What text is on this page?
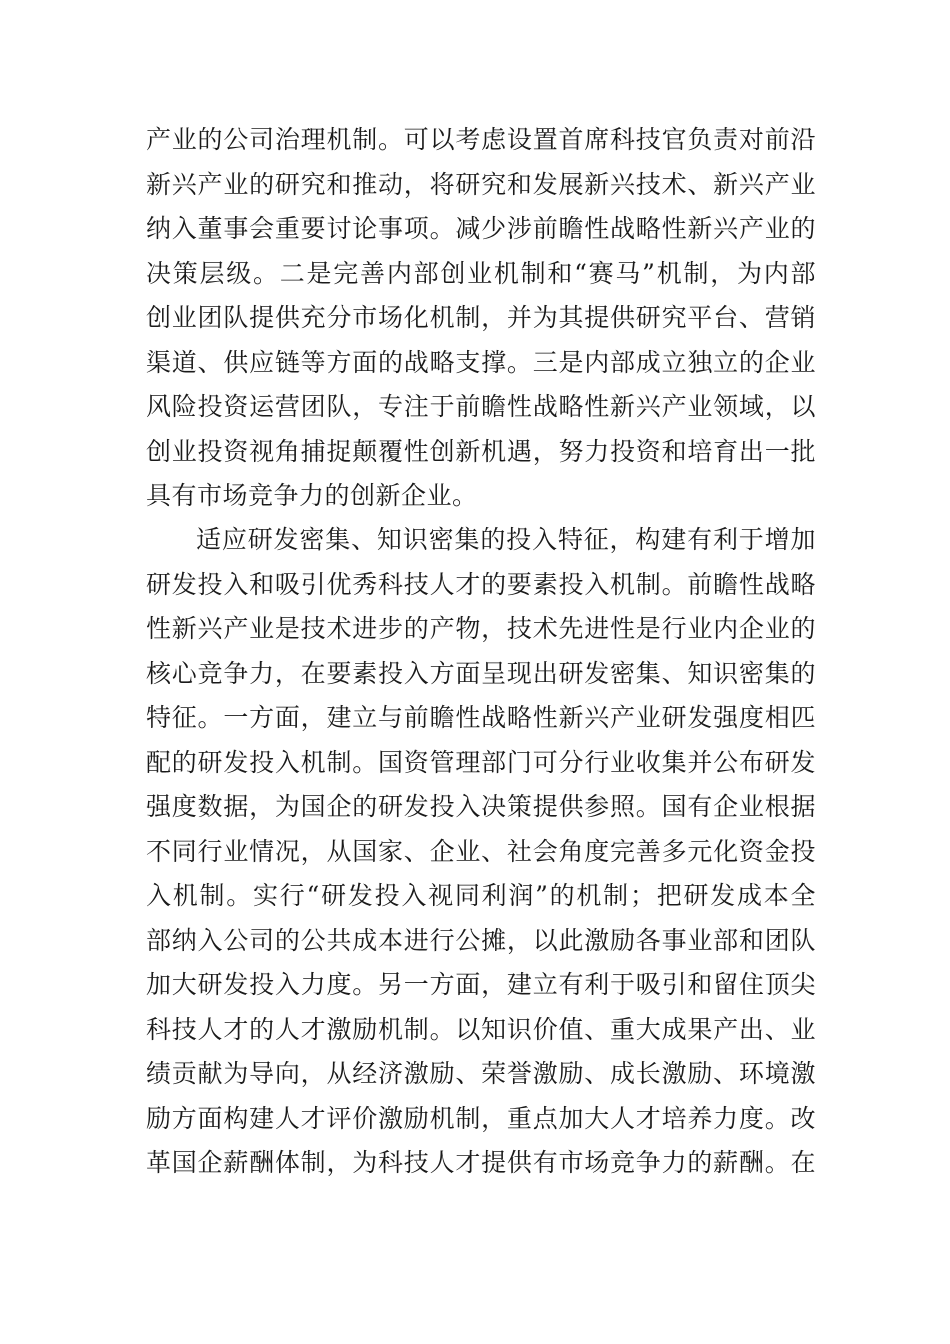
产业的公司治理机制。可以考虑设置首席科技官负责对前沿
新兴产业的研究和推动，将研究和发展新兴技术、新兴产业
纳入董事会重要讨论事项。减少涉前瞻性战略性新兴产业的
决策层级。二是完善内部创业机制和“赛马”机制，为内部
创业团队提供充分市场化机制，并为其提供研究平台、营销
渠道、供应链等方面的战略支撑。三是内部成立独立的企业
风险投资运营团队，专注于前瞻性战略性新兴产业领域，以
创业投资视角捕捉颠覆性创新机遇，努力投资和培育出一批
具有市场竞争力的创新企业。
适应研发密集、知识密集的投入特征，构建有利于增加
研发投入和吸引优秀科技人才的要素投入机制。前瞻性战略
性新兴产业是技术进步的产物，技术先进性是行业内企业的
核心竞争力，在要素投入方面呈现出研发密集、知识密集的
特征。一方面，建立与前瞻性战略性新兴产业研发强度相匹
配的研发投入机制。国资管理部门可分行业收集并公布研发
强度数据，为国企的研发投入决策提供参照。国有企业根据
不同行业情况，从国家、企业、社会角度完善多元化资金投
入机制。实行“研发投入视同利润”的机制；把研发成本全
部纳入公司的公共成本进行公摊，以此激励各事业部和团队
加大研发投入力度。另一方面，建立有利于吸引和留住顶尖
科技人才的人才激励机制。以知识价值、重大成果产出、业
绩贡献为导向，从经济激励、荣誉激励、成长激励、环境激
励方面构建人才评价激励机制，重点加大人才培养力度。改
革国企薪酬体制，为科技人才提供有市场竞争力的薪酬。在
